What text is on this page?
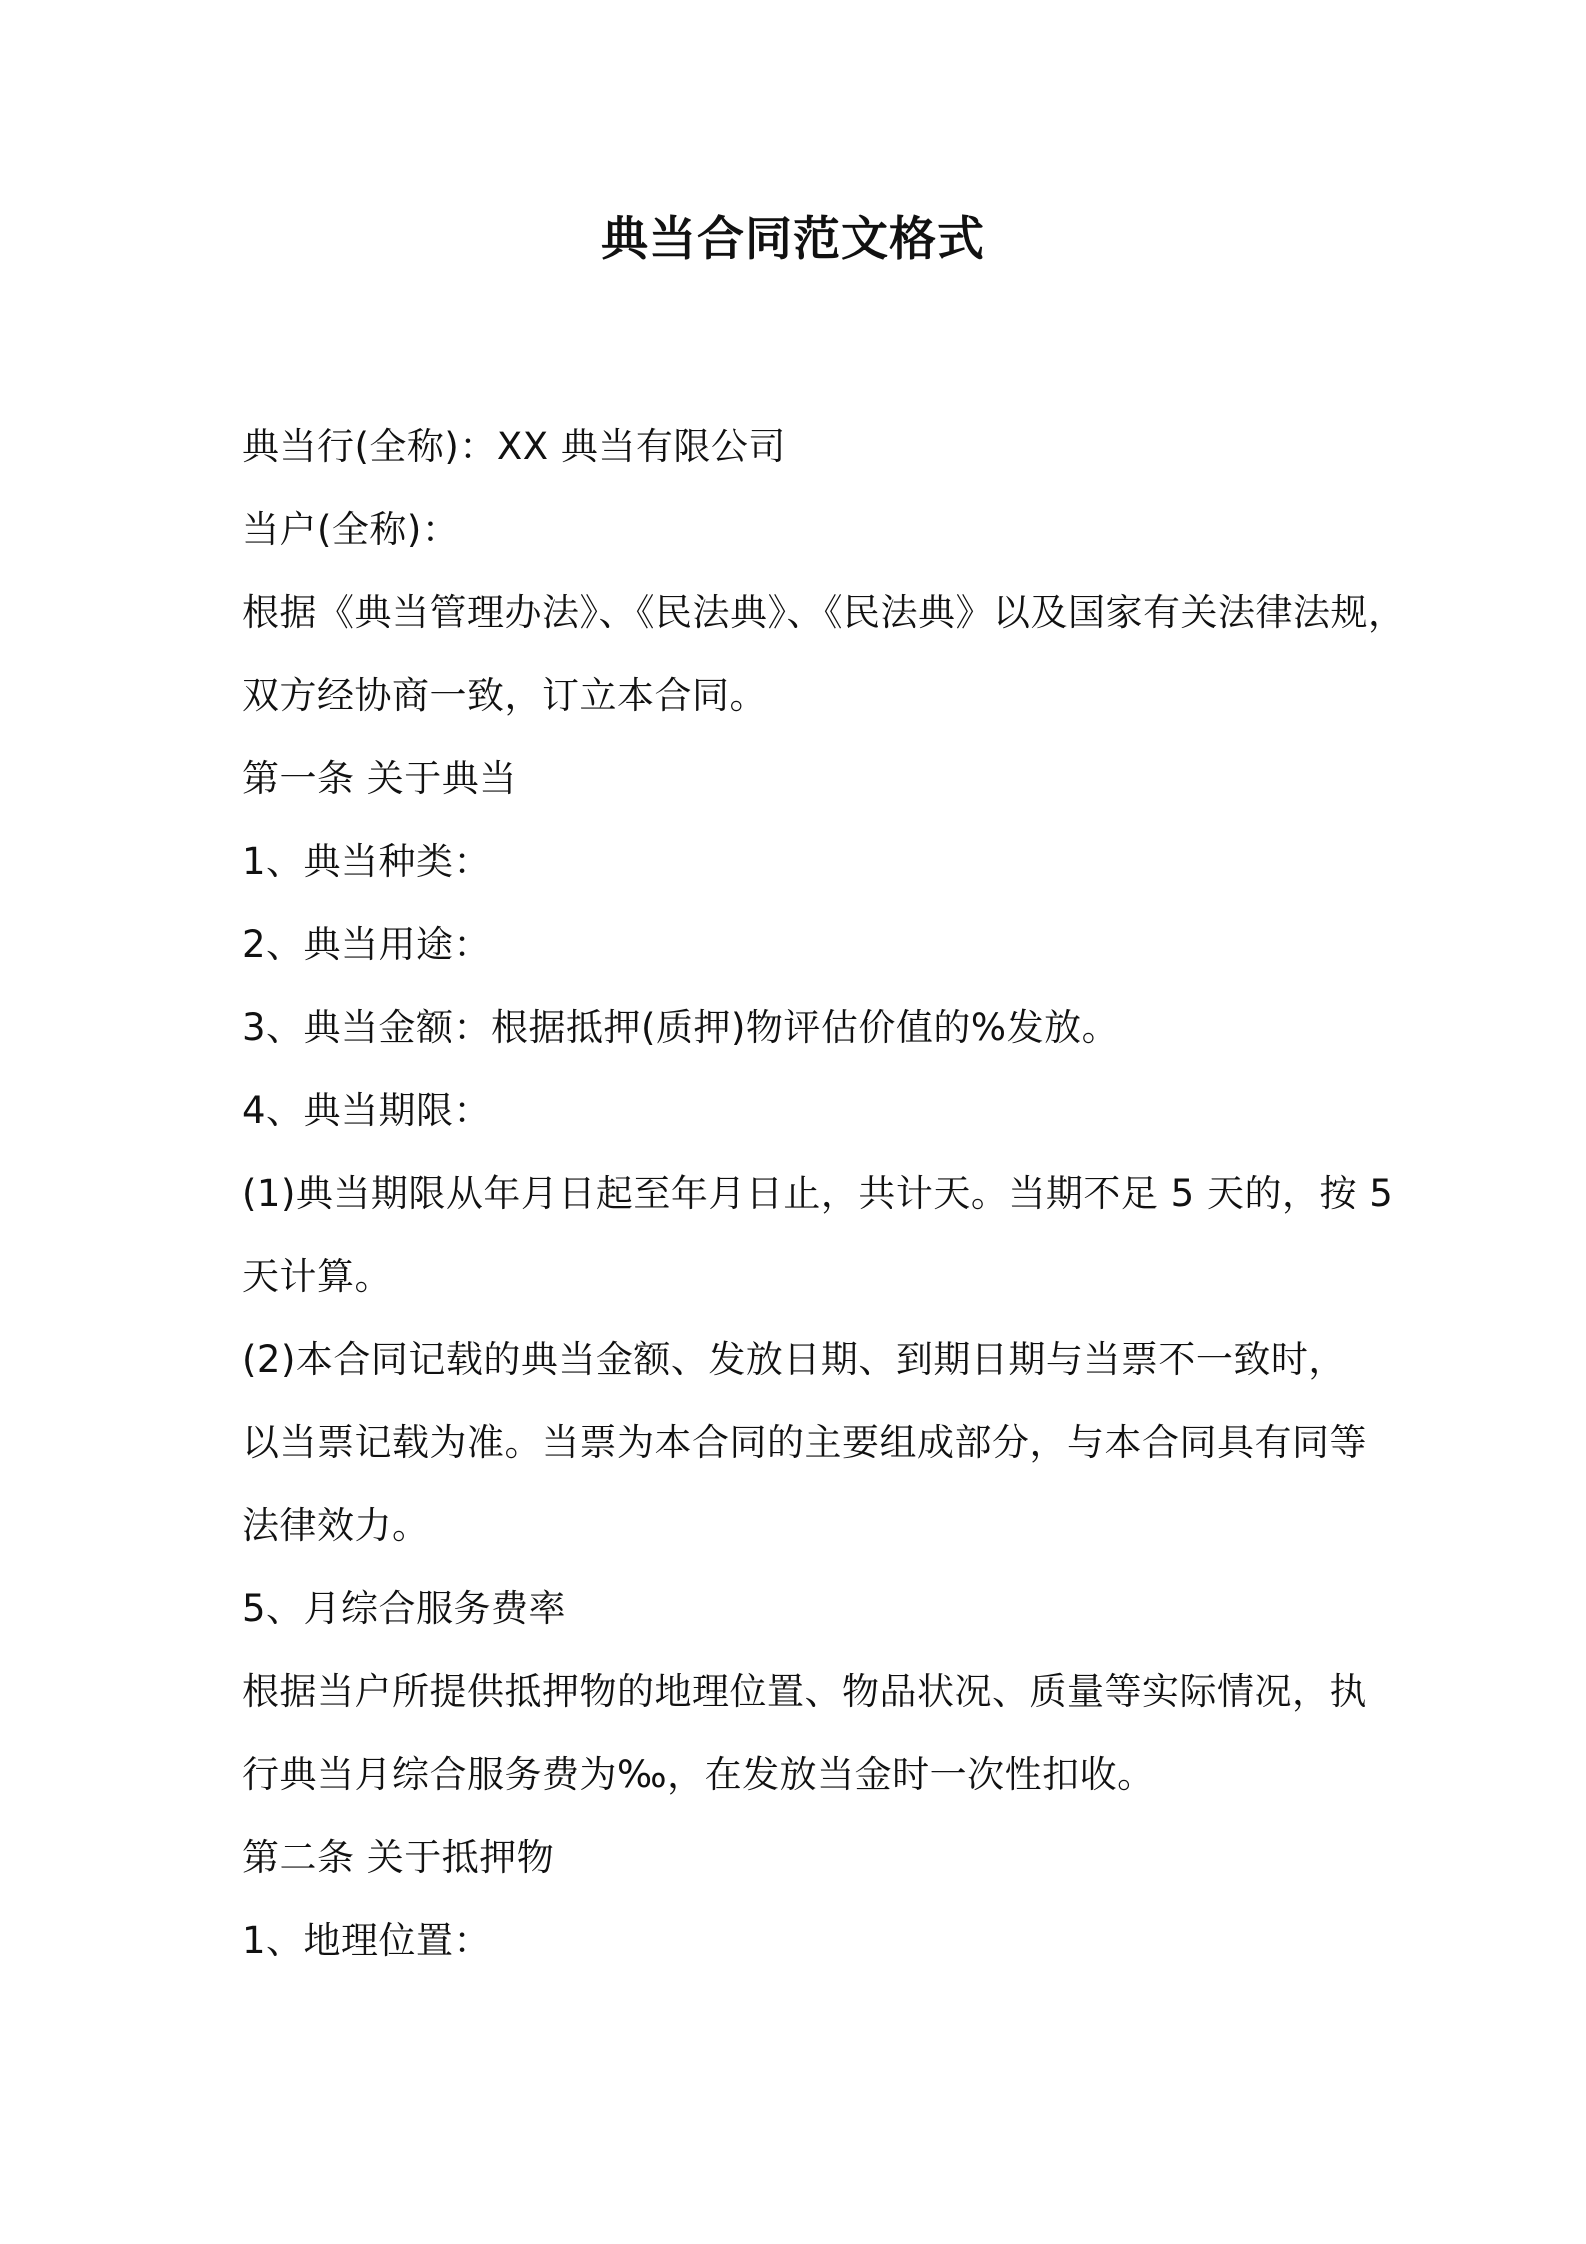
典当合同范文格式
典当行(全称)：XX 典当有限公司
当户(全称)：
根据《典当管理办法》、《民法典》、《民法典》以及国家有关法律法规，
双方经协商一致，订立本合同。
第一条 关于典当
1、典当种类：
2、典当用途：
3、典当金额：根据抵押(质押)物评估价值的%发放。
4、典当期限：
(1)典当期限从年月日起至年月日止，共计天。当期不足 5 天的，按 5
天计算。
(2)本合同记载的典当金额、发放日期、到期日期与当票不一致时，
以当票记载为准。当票为本合同的主要组成部分，与本合同具有同等
法律效力。
5、月综合服务费率
根据当户所提供抵押物的地理位置、物品状况、质量等实际情况，执
行典当月综合服务费为‰，在发放当金时一次性扣收。
第二条 关于抵押物
1、地理位置：
